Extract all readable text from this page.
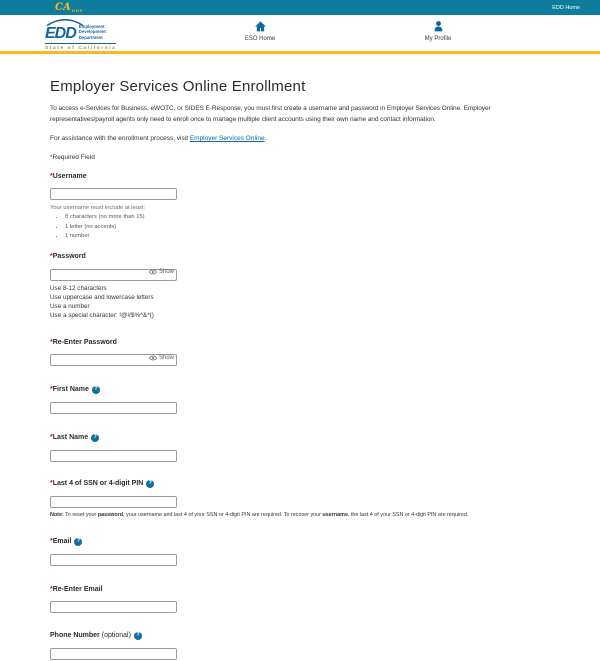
CA GOV	EDD Home
EDD Employment
Development
Department
State of California
ESO Home	My Profile
Employer Services Online Enrollment

To access e-Services for Business, eWOTC, or SIDES E-Response, you must first create a username and password in Employer Services Online. Employer representatives/payroll agents only need to enroll once to manage multiple client accounts using their own name and contact information.

For assistance with the enrollment process, visit Employer Services Online.

*Required Field

*Username
Your username must include at least:
• 8 characters (no more than 15)
• 1 letter (no accents)
• 1 number
*Password
Show
Use 8-12 characters
Use uppercase and lowercase letters
Use a number
Use a special character: !@#$%^&*()
*Re-Enter Password
Show
*First Name ?
*Last Name ?
*Last 4 of SSN or 4-digit PIN ?
Note: To reset your password, your username and last 4 of your SSN or 4-digit PIN are required. To recover your username, the last 4 of your SSN or 4-digit PIN are required.
*Email ?
*Re-Enter Email
Phone Number (optional) ?
